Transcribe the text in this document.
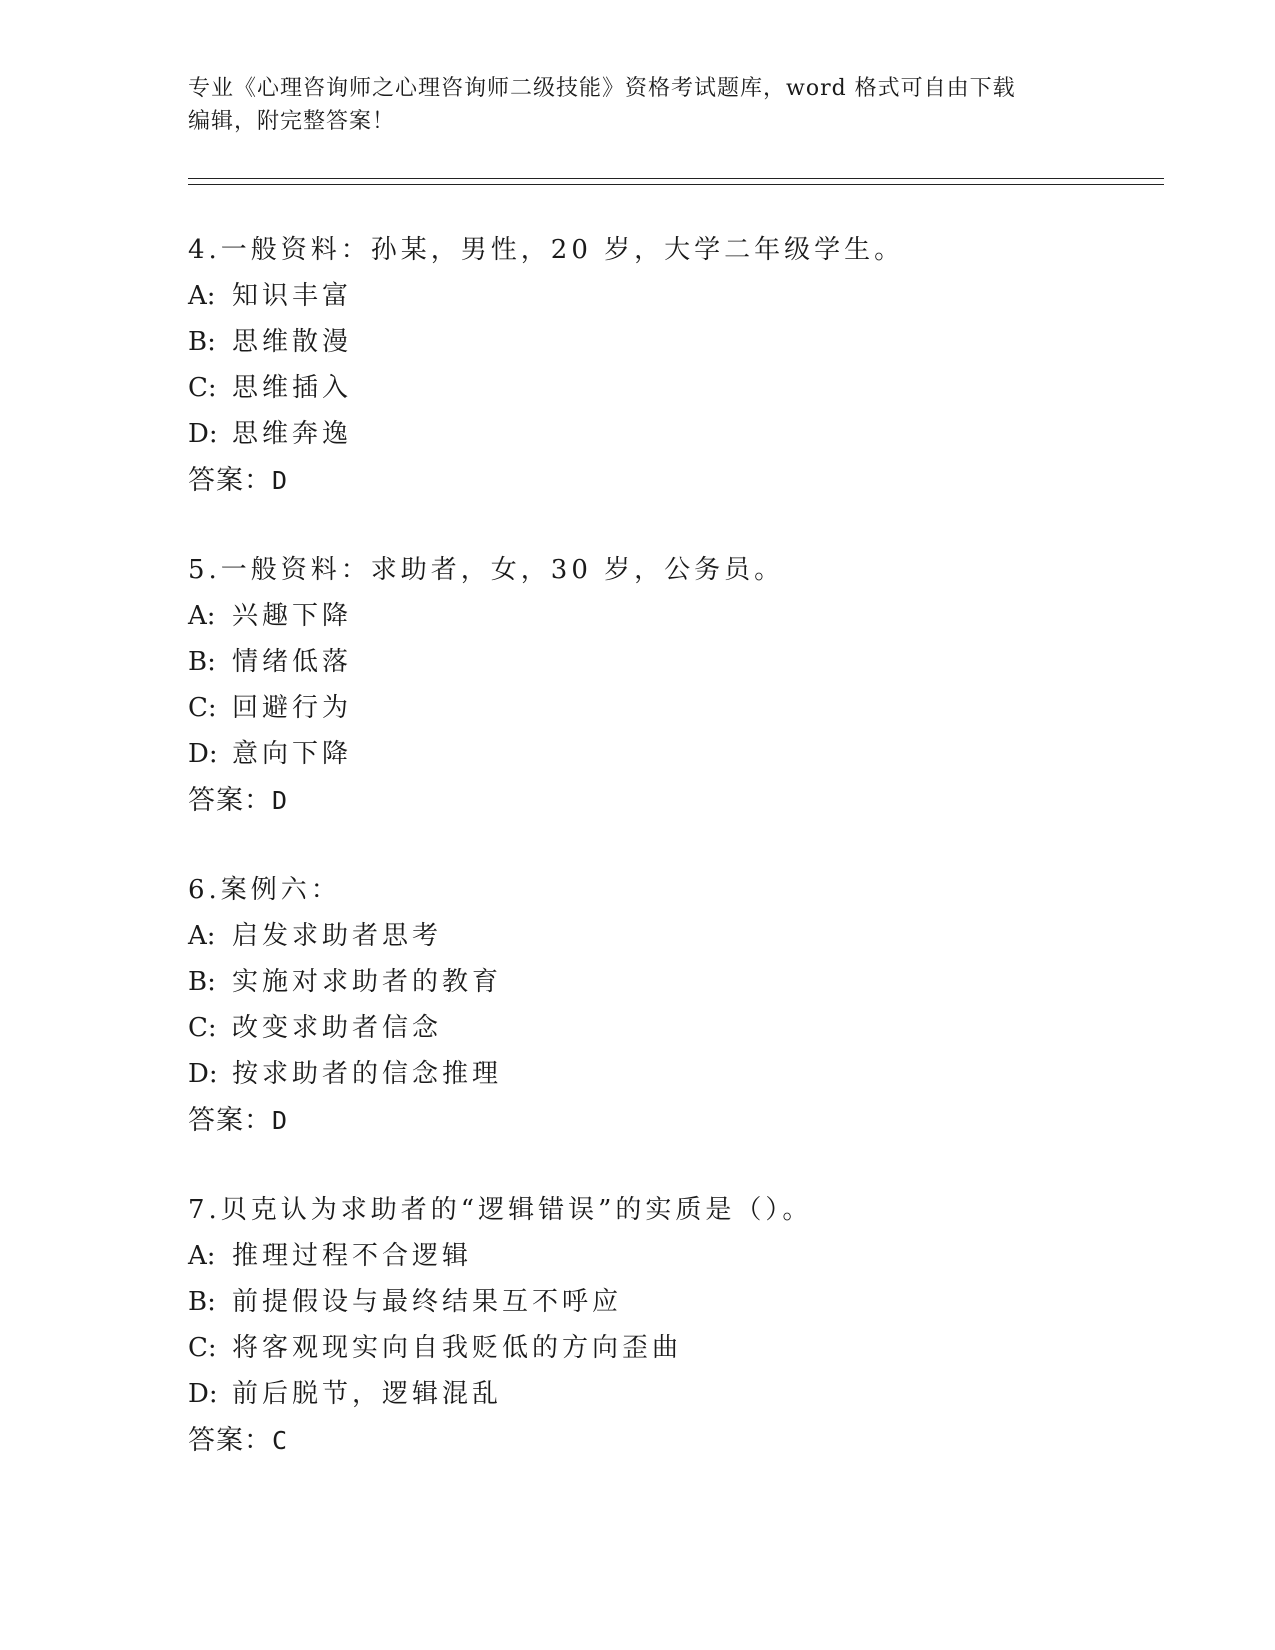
专业《心理咨询师之心理咨询师二级技能》资格考试题库，word 格式可自由下载
编辑，附完整答案！
4.一般资料：孙某，男性，20 岁，大学二年级学生。
A: 知识丰富
B: 思维散漫
C: 思维插入
D: 思维奔逸
答案：D
5.一般资料：求助者，女，30 岁，公务员。
A: 兴趣下降
B: 情绪低落
C: 回避行为
D: 意向下降
答案：D
6.案例六：
A: 启发求助者思考
B: 实施对求助者的教育
C: 改变求助者信念
D: 按求助者的信念推理
答案：D
7.贝克认为求助者的“逻辑错误”的实质是（）。
A: 推理过程不合逻辑
B: 前提假设与最终结果互不呼应
C: 将客观现实向自我贬低的方向歪曲
D: 前后脱节，逻辑混乱
答案：C
